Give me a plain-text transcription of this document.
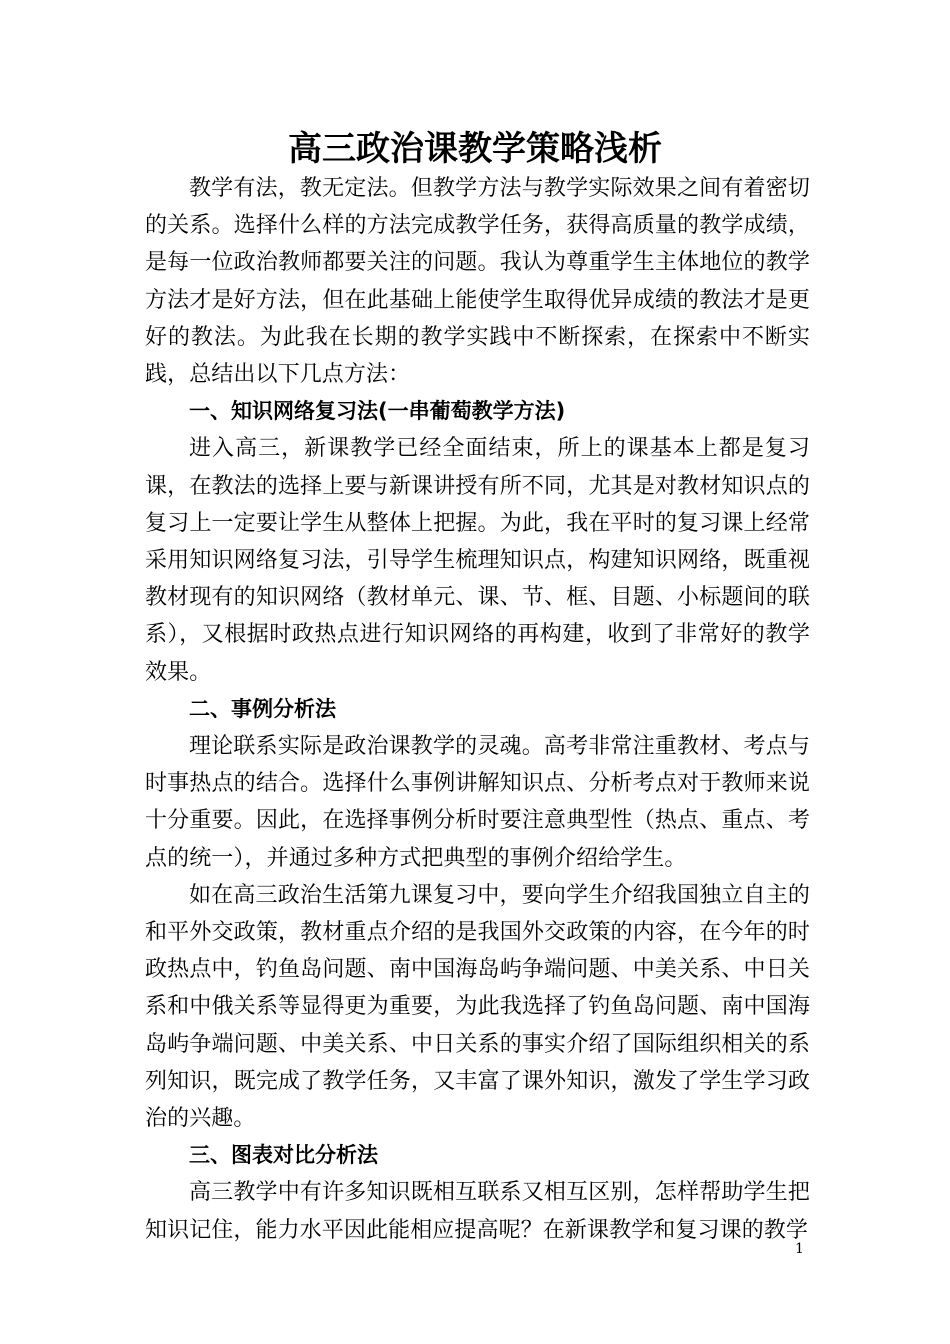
高三政治课教学策略浅析

教学有法，教无定法。但教学方法与教学实际效果之间有着密切的关系。选择什么样的方法完成教学任务，获得高质量的教学成绩，是每一位政治教师都要关注的问题。我认为尊重学生主体地位的教学方法才是好方法，但在此基础上能使学生取得优异成绩的教法才是更好的教法。为此我在长期的教学实践中不断探索，在探索中不断实践，总结出以下几点方法：

一、知识网络复习法(一串葡萄教学方法)

进入高三，新课教学已经全面结束，所上的课基本上都是复习课，在教法的选择上要与新课讲授有所不同，尤其是对教材知识点的复习上一定要让学生从整体上把握。为此，我在平时的复习课上经常采用知识网络复习法，引导学生梳理知识点，构建知识网络，既重视教材现有的知识网络（教材单元、课、节、框、目题、小标题间的联系），又根据时政热点进行知识网络的再构建，收到了非常好的教学效果。

二、事例分析法

理论联系实际是政治课教学的灵魂。高考非常注重教材、考点与时事热点的结合。选择什么事例讲解知识点、分析考点对于教师来说十分重要。因此，在选择事例分析时要注意典型性（热点、重点、考点的统一），并通过多种方式把典型的事例介绍给学生。

如在高三政治生活第九课复习中，要向学生介绍我国独立自主的和平外交政策，教材重点介绍的是我国外交政策的内容，在今年的时政热点中，钓鱼岛问题、南中国海岛屿争端问题、中美关系、中日关系和中俄关系等显得更为重要，为此我选择了钓鱼岛问题、南中国海岛屿争端问题、中美关系、中日关系的事实介绍了国际组织相关的系列知识，既完成了教学任务，又丰富了课外知识，激发了学生学习政治的兴趣。

三、图表对比分析法

高三教学中有许多知识既相互联系又相互区别，怎样帮助学生把知识记住，能力水平因此能相应提高呢？在新课教学和复习课的教学

1
